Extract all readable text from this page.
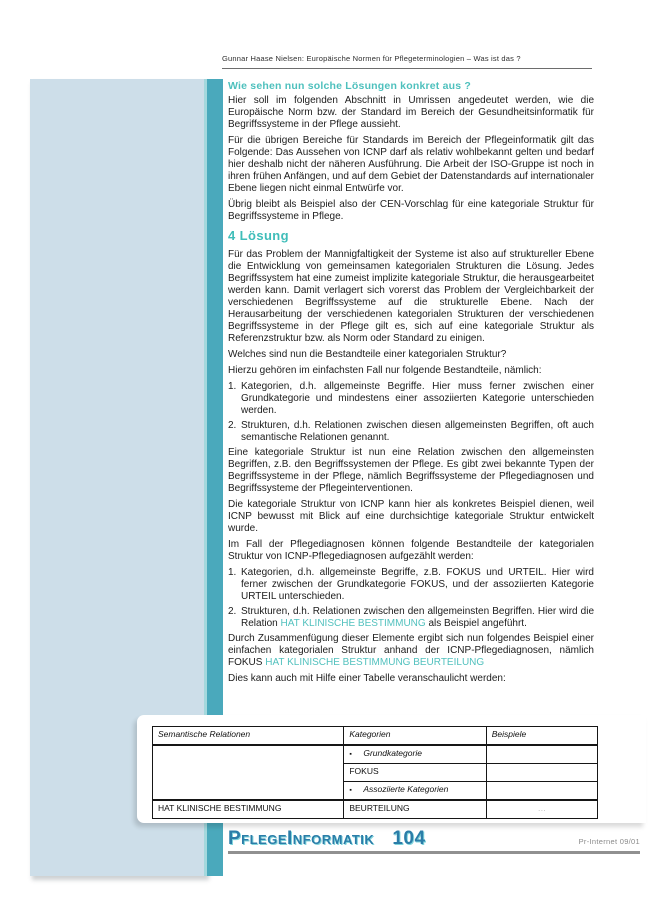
Gunnar Haase Nielsen: Europäische Normen für Pflegeterminologien – Was ist das ?
Wie sehen nun solche Lösungen konkret aus ?

Hier soll im folgenden Abschnitt in Umrissen angedeutet werden, wie die Europäische Norm bzw. der Standard im Bereich der Gesundheitsinformatik für Begriffssysteme in der Pflege aussieht.

Für die übrigen Bereiche für Standards im Bereich der Pflegeinformatik gilt das Folgende: Das Aussehen von ICNP darf als relativ wohlbekannt gelten und bedarf hier deshalb nicht der näheren Ausführung. Die Arbeit der ISO-Gruppe ist noch in ihren frühen Anfängen, und auf dem Gebiet der Datenstandards auf internationaler Ebene liegen nicht einmal Entwürfe vor.

Übrig bleibt als Beispiel also der CEN-Vorschlag für eine kategoriale Struktur für Begriffssysteme in Pflege.

4 Lösung

Für das Problem der Mannigfaltigkeit der Systeme ist also auf struktureller Ebene die Entwicklung von gemeinsamen kategorialen Strukturen die Lösung. Jedes Begriffssystem hat eine zumeist implizite kategoriale Struktur, die herausgearbeitet werden kann. Damit verlagert sich vorerst das Problem der Vergleichbarkeit der verschiedenen Begriffssysteme auf die strukturelle Ebene. Nach der Herausarbeitung der verschiedenen kategorialen Strukturen der verschiedenen Begriffssysteme in der Pflege gilt es, sich auf eine kategoriale Struktur als Referenzstruktur bzw. als Norm oder Standard zu einigen.

Welches sind nun die Bestandteile einer kategorialen Struktur?

Hierzu gehören im einfachsten Fall nur folgende Bestandteile, nämlich:

1. Kategorien, d.h. allgemeinste Begriffe. Hier muss ferner zwischen einer Grundkategorie und mindestens einer assoziierten Kategorie unterschieden werden.
2. Strukturen, d.h. Relationen zwischen diesen allgemeinsten Begriffen, oft auch semantische Relationen genannt.

Eine kategoriale Struktur ist nun eine Relation zwischen den allgemeinsten Begriffen, z.B. den Begriffssystemen der Pflege. Es gibt zwei bekannte Typen der Begriffssysteme in der Pflege, nämlich Begriffssysteme der Pflegediagnosen und Begriffssysteme der Pflegeinterventionen.

Die kategoriale Struktur von ICNP kann hier als konkretes Beispiel dienen, weil ICNP bewusst mit Blick auf eine durchsichtige kategoriale Struktur entwickelt wurde.

Im Fall der Pflegediagnosen können folgende Bestandteile der kategorialen Struktur von ICNP-Pflegediagnosen aufgezählt werden:

1. Kategorien, d.h. allgemeinste Begriffe, z.B. FOKUS und URTEIL. Hier wird ferner zwischen der Grundkategorie FOKUS, und der assoziierten Kategorie URTEIL unterschieden.
2. Strukturen, d.h. Relationen zwischen den allgemeinsten Begriffen. Hier wird die Relation HAT KLINISCHE BESTIMMUNG als Beispiel angeführt.

Durch Zusammenfügung dieser Elemente ergibt sich nun folgendes Beispiel einer einfachen kategorialen Struktur anhand der ICNP-Pflegediagnosen, nämlich FOKUS HAT KLINISCHE BESTIMMUNG BEURTEILUNG

Dies kann auch mit Hilfe einer Tabelle veranschaulicht werden:

Semantische Relationen	Kategorien	Beispiele
	▪ Grundkategorie	
	FOKUS	
	▪ Assoziierte Kategorien	
HAT KLINISCHE BESTIMMUNG	BEURTEILUNG	…
PflegeInformatik 104	Pr-Internet 09/01
